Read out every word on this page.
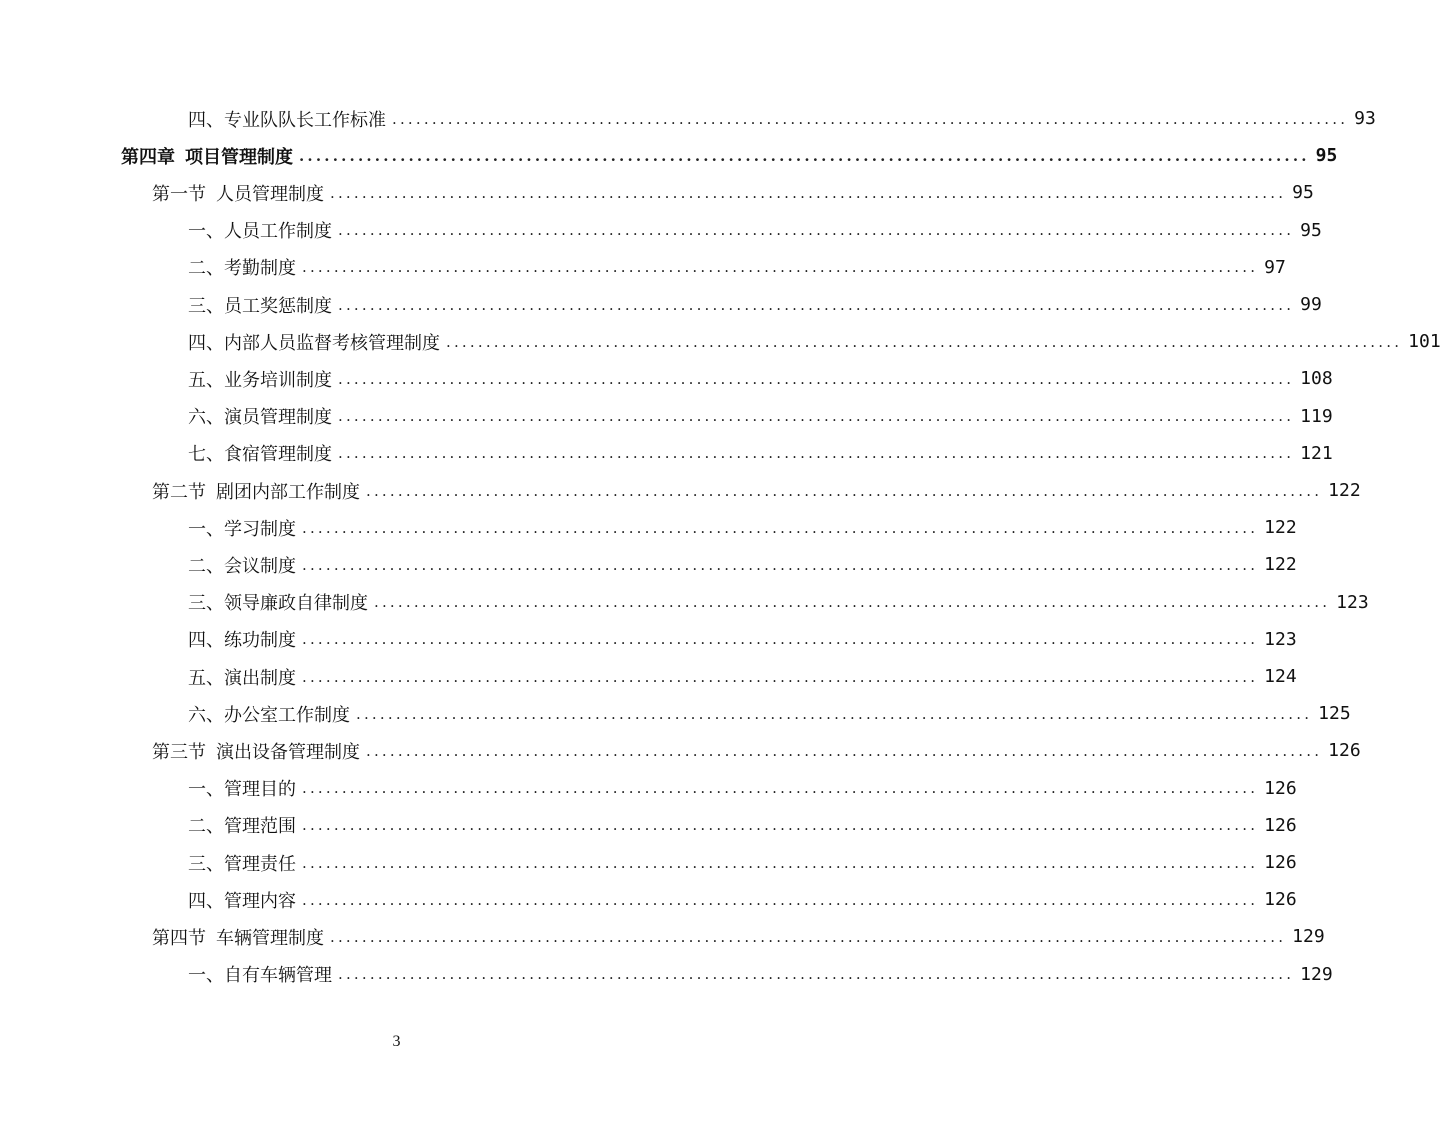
四、专业队队长工作标准 ........................................................................................................................ 93
第四章 项目管理制度 ........................................................................................................................ 95
第一节 人员管理制度 ........................................................................................................................ 95
一、人员工作制度 ........................................................................................................................ 95
二、考勤制度 ........................................................................................................................ 97
三、员工奖惩制度 ........................................................................................................................ 99
四、内部人员监督考核管理制度 ........................................................................................................................ 101
五、业务培训制度 ........................................................................................................................ 108
六、演员管理制度 ........................................................................................................................ 119
七、食宿管理制度 ........................................................................................................................ 121
第二节 剧团内部工作制度 ........................................................................................................................ 122
一、学习制度 ........................................................................................................................ 122
二、会议制度 ........................................................................................................................ 122
三、领导廉政自律制度 ........................................................................................................................ 123
四、练功制度 ........................................................................................................................ 123
五、演出制度 ........................................................................................................................ 124
六、办公室工作制度 ........................................................................................................................ 125
第三节 演出设备管理制度 ........................................................................................................................ 126
一、管理目的 ........................................................................................................................ 126
二、管理范围 ........................................................................................................................ 126
三、管理责任 ........................................................................................................................ 126
四、管理内容 ........................................................................................................................ 126
第四节 车辆管理制度 ........................................................................................................................ 129
一、自有车辆管理 ........................................................................................................................ 129
3
